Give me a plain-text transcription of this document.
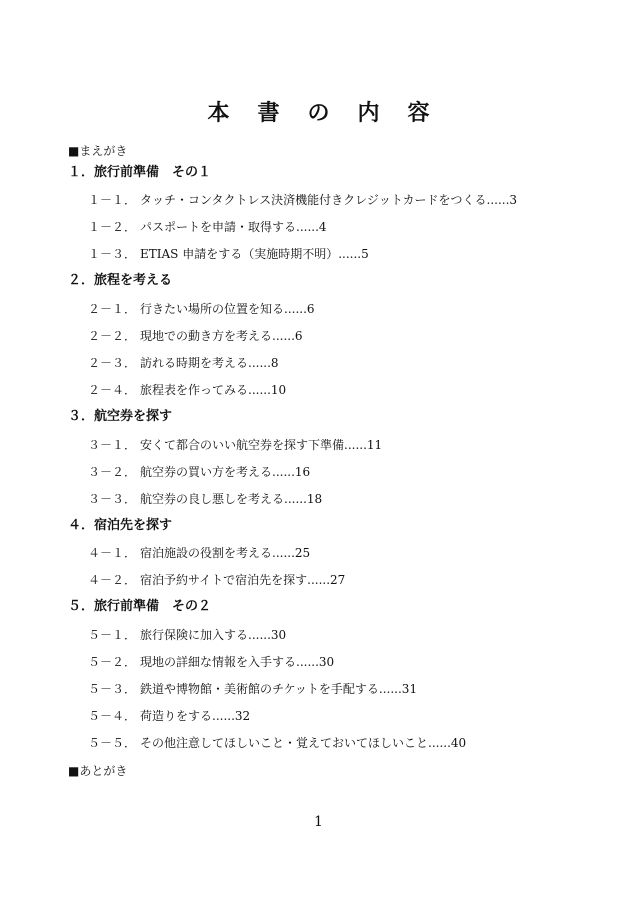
本 書 の 内 容
■まえがき
１．旅行前準備　その１
１－１． タッチ・コンタクトレス決済機能付きクレジットカードをつくる......3
１－２． パスポートを申請・取得する......4
１－３． ETIAS 申請をする（実施時期不明）......5
２．旅程を考える
２－１． 行きたい場所の位置を知る......6
２－２． 現地での動き方を考える......6
２－３． 訪れる時期を考える......8
２－４． 旅程表を作ってみる......10
３．航空券を探す
３－１． 安くて都合のいい航空券を探す下準備......11
３－２． 航空券の買い方を考える......16
３－３． 航空券の良し悪しを考える......18
４．宿泊先を探す
４－１． 宿泊施設の役割を考える......25
４－２． 宿泊予約サイトで宿泊先を探す......27
５．旅行前準備　その２
５－１． 旅行保険に加入する......30
５－２． 現地の詳細な情報を入手する......30
５－３． 鉄道や博物館・美術館のチケットを手配する......31
５－４． 荷造りをする......32
５－５． その他注意してほしいこと・覚えておいてほしいこと......40
■あとがき
1
